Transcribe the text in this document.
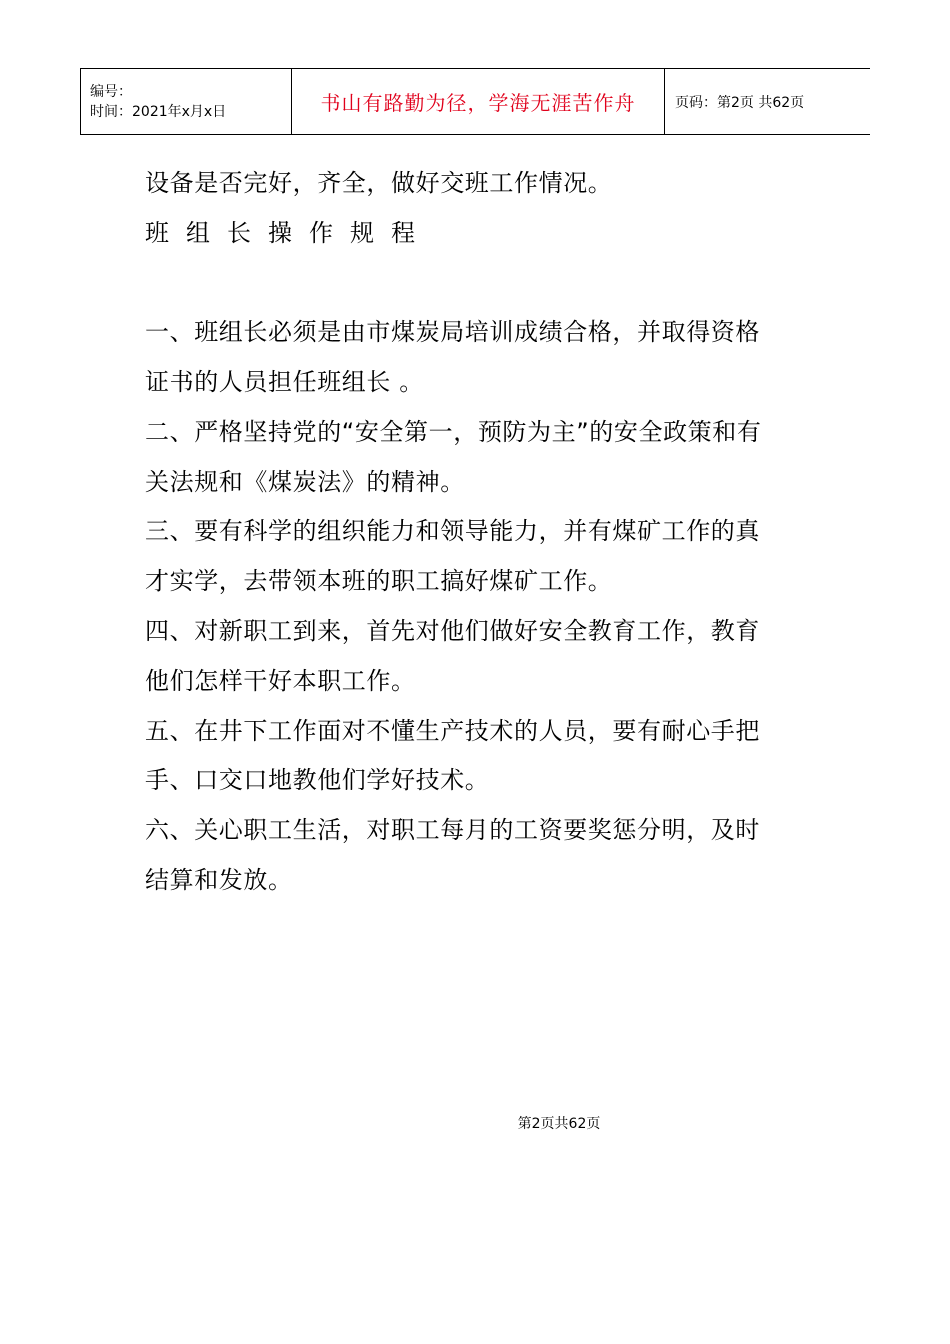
编号：
时间：2021年x月x日	书山有路勤为径，学海无涯苦作舟	页码：第2页 共62页
设备是否完好，齐全，做好交班工作情况。
班组长操作规程
一、班组长必须是由市煤炭局培训成绩合格，并取得资格
证书的人员担任班组长 。
二、严格坚持党的“安全第一，预防为主”的安全政策和有
关法规和《煤炭法》的精神。
三、要有科学的组织能力和领导能力，并有煤矿工作的真
才实学，去带领本班的职工搞好煤矿工作。
四、对新职工到来，首先对他们做好安全教育工作，教育
他们怎样干好本职工作。
五、在井下工作面对不懂生产技术的人员，要有耐心手把
手、口交口地教他们学好技术。
六、关心职工生活，对职工每月的工资要奖惩分明，及时
结算和发放。
第2页共62页
